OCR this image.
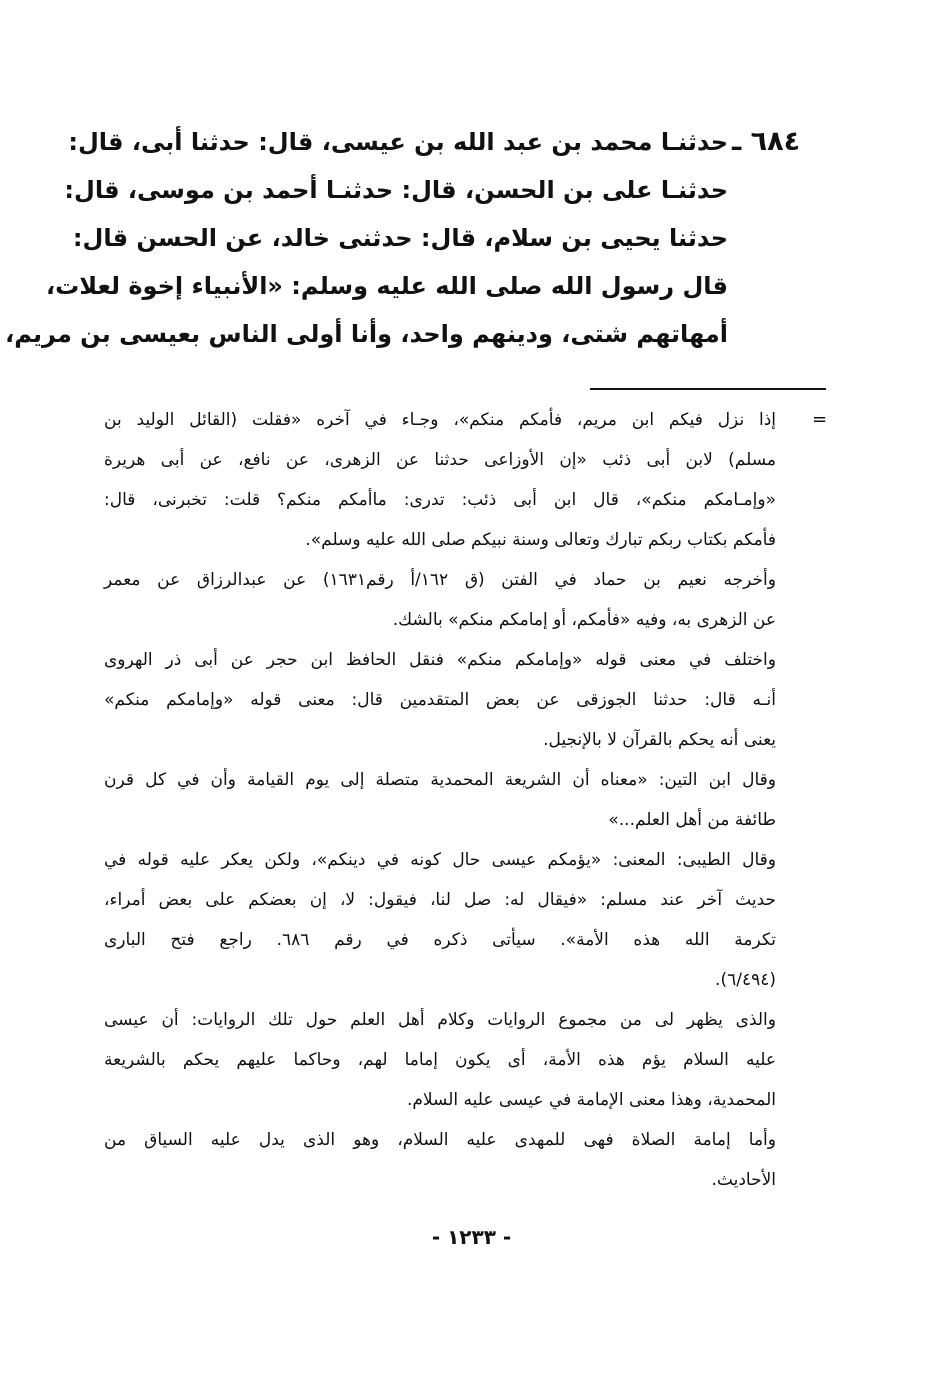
٦٨٤ ـ
حدثنـا محمد بن عبد الله بن عيسى، قال: حدثنا أبى، قال:
حدثنـا على بن الحسن، قال: حدثنـا أحمد بن موسى، قال:
حدثنا يحيى بن سلام، قال: حدثنى خالد، عن الحسن قال:
قال رسول الله صلى الله عليه وسلم: «الأنبياء إخوة لعلات،
أمهاتهم شتى، ودينهم واحد، وأنا أولى الناس بعيسى بن مريم،
=
إذا نزل فيكم ابن مريم، فأمكم منكم»، وجـاء في آخره «فقلت (القائل الوليد بن
مسلم) لابن أبى ذئب «إن الأوزاعى حدثنا عن الزهرى، عن نافع، عن أبى هريرة
«وإمـامكم منكم»، قال ابن أبى ذئب: تدرى: ماأمكم منكم؟ قلت: تخبرنى، قال:
فأمكم بكتاب ربكم تبارك وتعالى وسنة نبيكم صلى الله عليه وسلم».
وأخرجه نعيم بن حماد في الفتن (ق ١٦٢/أ رقم١٦٣١) عن عبدالرزاق عن معمر
عن الزهرى به، وفيه «فأمكم، أو إمامكم منكم» بالشك.
واختلف في معنى قوله «وإمامكم منكم» فنقل الحافظ ابن حجر عن أبى ذر الهروى
أنـه قال: حدثنا الجوزقى عن بعض المتقدمين قال: معنى قوله «وإمامكم منكم»
يعنى أنه يحكم بالقرآن لا بالإنجيل.
وقال ابن التين: «معناه أن الشريعة المحمدية متصلة إلى يوم القيامة وأن في كل قرن
طائفة من أهل العلم...»
وقال الطيبى: المعنى: «يؤمكم عيسى حال كونه في دينكم»، ولكن يعكر عليه قوله في
حديث آخر عند مسلم: «فيقال له: صل لنا، فيقول: لا، إن بعضكم على بعض أمراء،
تكرمة الله هذه الأمة». سيأتى ذكره في رقم ٦٨٦. راجع فتح البارى
(٦/٤٩٤).
والذى يظهر لى من مجموع الروايات وكلام أهل العلم حول تلك الروايات: أن عيسى
عليه السلام يؤم هذه الأمة، أى يكون إماما لهم، وحاكما عليهم يحكم بالشريعة
المحمدية، وهذا معنى الإمامة في عيسى عليه السلام.
وأما إمامة الصلاة فهى للمهدى عليه السلام، وهو الذى يدل عليه السياق من
الأحاديث.
- ١٢٣٣ -
